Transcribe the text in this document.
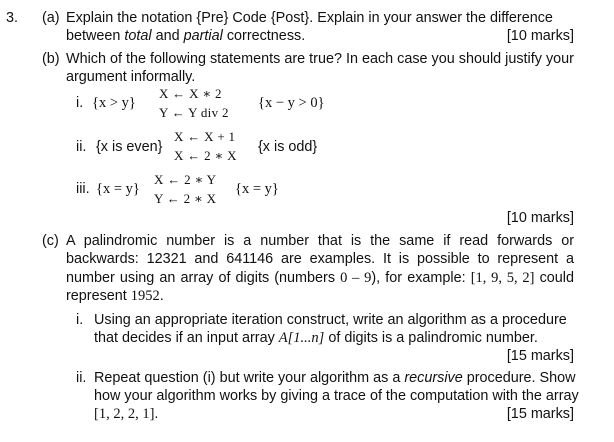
3. (a) Explain the notation {Pre} Code {Post}. Explain in your answer the difference
between total and partial correctness.	[10 marks]
(b) Which of the following statements are true? In each case you should justify your
argument informally.
i. {x > y}
X ← X ∗ 2
Y ← Y div 2
{x − y > 0}
ii. {x is even}
X ← X + 1
X ← 2 ∗ X
{x is odd}
iii. {x = y}
X ← 2 ∗ Y
Y ← 2 ∗ X
{x = y}
[10 marks]
(c) A palindromic number is a number that is the same if read forwards or
backwards: 12321 and 641146 are examples. It is possible to represent a
number using an array of digits (numbers 0 – 9), for example: [1, 9, 5, 2] could
represent 1952.
i. Using an appropriate iteration construct, write an algorithm as a procedure
that decides if an input array A[1...n] of digits is a palindromic number.
[15 marks]
ii. Repeat question (i) but write your algorithm as a recursive procedure. Show
how your algorithm works by giving a trace of the computation with the array
[1, 2, 2, 1].	[15 marks]
